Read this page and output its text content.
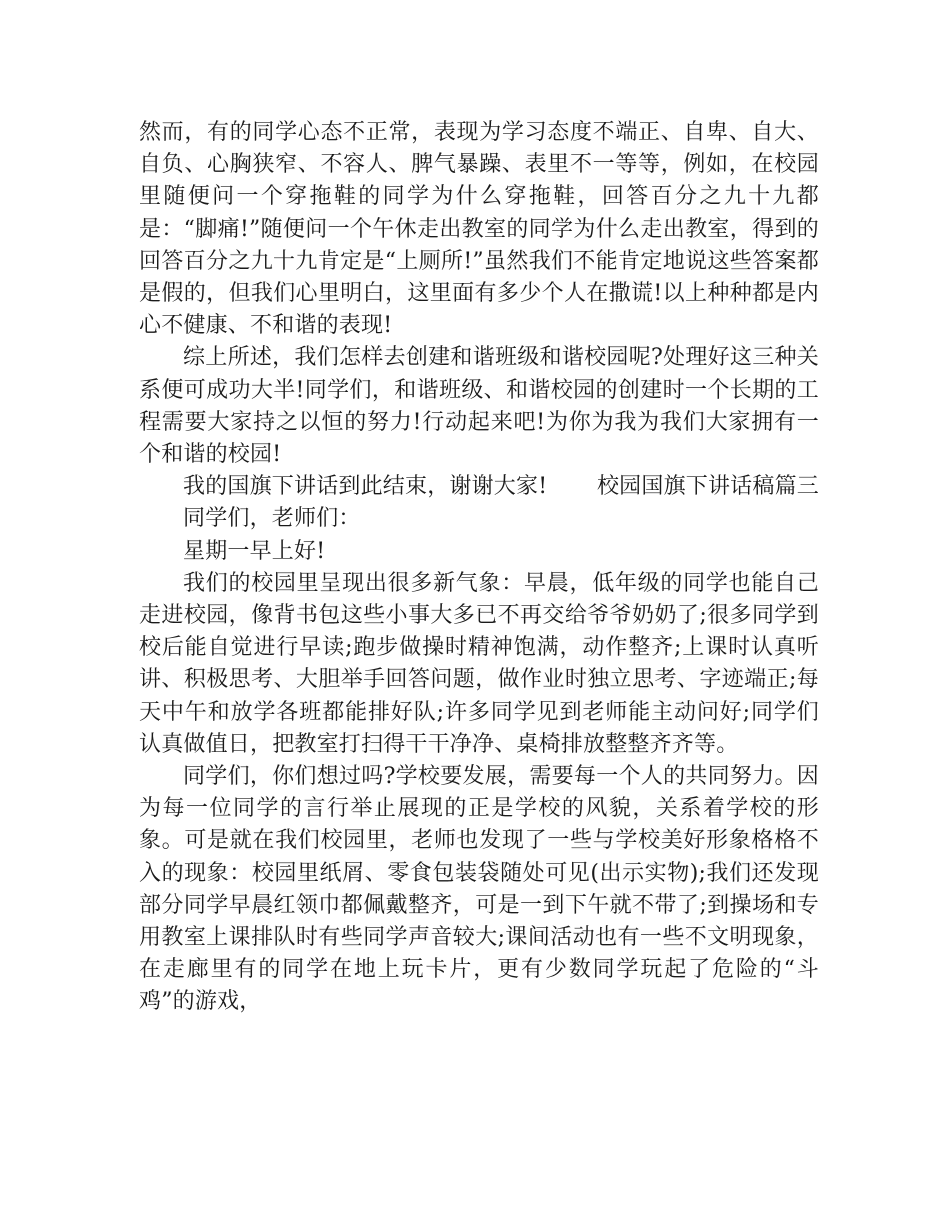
然而，有的同学心态不正常，表现为学习态度不端正、自卑、自大、自负、心胸狭窄、不容人、脾气暴躁、表里不一等等，例如，在校园里随便问一个穿拖鞋的同学为什么穿拖鞋，回答百分之九十九都是：“脚痛!”随便问一个午休走出教室的同学为什么走出教室，得到的回答百分之九十九肯定是“上厕所!”虽然我们不能肯定地说这些答案都是假的，但我们心里明白，这里面有多少个人在撒谎!以上种种都是内心不健康、不和谐的表现!

综上所述，我们怎样去创建和谐班级和谐校园呢?处理好这三种关系便可成功大半!同学们，和谐班级、和谐校园的创建时一个长期的工程需要大家持之以恒的努力!行动起来吧!为你为我为我们大家拥有一个和谐的校园!

我的国旗下讲话到此结束，谢谢大家! 校园国旗下讲话稿篇三

同学们，老师们：

星期一早上好!

我们的校园里呈现出很多新气象：早晨，低年级的同学也能自己走进校园，像背书包这些小事大多已不再交给爷爷奶奶了;很多同学到校后能自觉进行早读;跑步做操时精神饱满，动作整齐;上课时认真听讲、积极思考、大胆举手回答问题，做作业时独立思考、字迹端正;每天中午和放学各班都能排好队;许多同学见到老师能主动问好;同学们认真做值日，把教室打扫得干干净净、桌椅排放整整齐齐等。

同学们，你们想过吗?学校要发展，需要每一个人的共同努力。因为每一位同学的言行举止展现的正是学校的风貌，关系着学校的形象。可是就在我们校园里，老师也发现了一些与学校美好形象格格不入的现象：校园里纸屑、零食包装袋随处可见(出示实物);我们还发现部分同学早晨红领巾都佩戴整齐，可是一到下午就不带了;到操场和专用教室上课排队时有些同学声音较大;课间活动也有一些不文明现象，在走廊里有的同学在地上玩卡片，更有少数同学玩起了危险的“斗鸡”的游戏，
